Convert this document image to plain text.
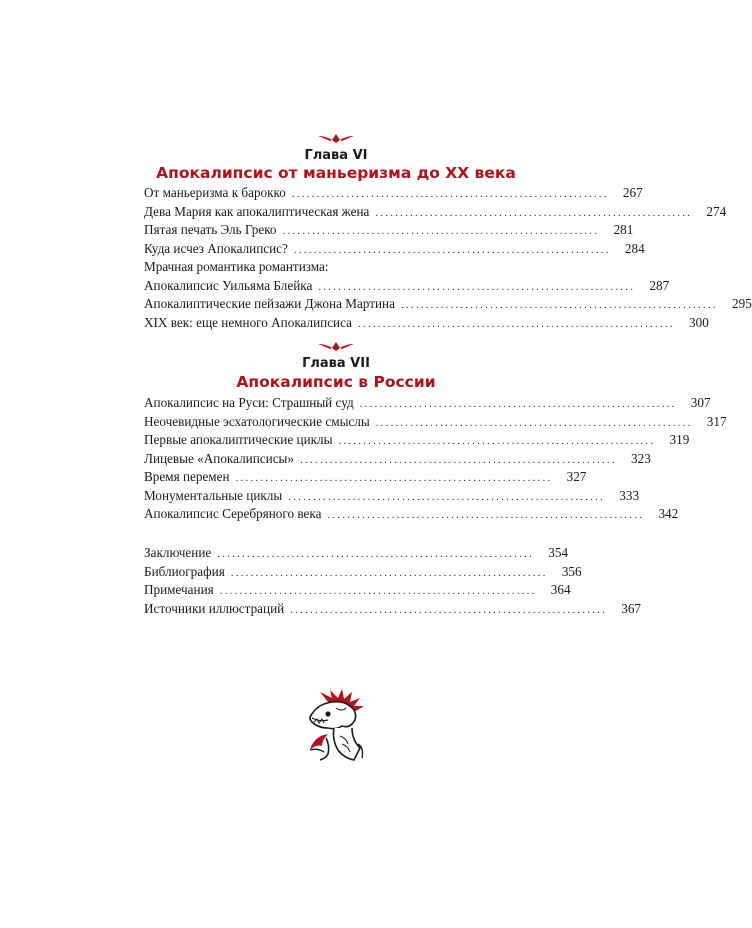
Глава VI
Апокалипсис от маньеризма до XX века
От маньеризма к барокко ................................................................	267
Дева Мария как апокалиптическая жена ................................................................	274
Пятая печать Эль Греко ................................................................	281
Куда исчез Апокалипсис? ................................................................	284
Мрачная романтика романтизма:
Апокалипсис Уильяма Блейка ................................................................	287
Апокалиптические пейзажи Джона Мартина ................................................................	295
XIX век: еще немного Апокалипсиса ................................................................	300
Глава VII
Апокалипсис в России
Апокалипсис на Руси: Страшный суд ................................................................	307
Неочевидные эсхатологические смыслы ................................................................	317
Первые апокалиптические циклы ................................................................	319
Лицевые «Апокалипсисы» ................................................................	323
Время перемен ................................................................	327
Монументальные циклы ................................................................	333
Апокалипсис Серебряного века ................................................................	342
Заключение ................................................................	354
Библиография ................................................................	356
Примечания ................................................................	364
Источники иллюстраций ................................................................	367
